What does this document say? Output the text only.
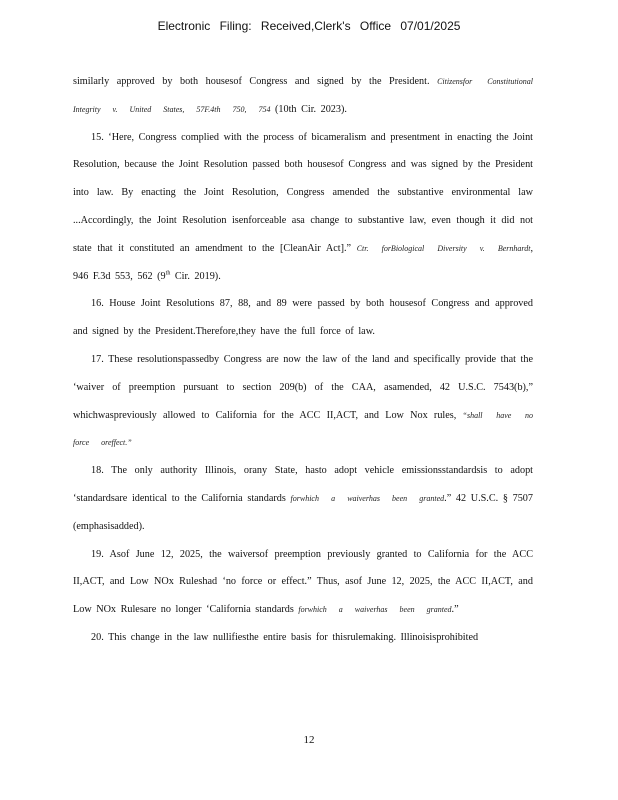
Electronic Filing: Received,Clerk's Office 07/01/2025

similarly approved by both housesof Congress and signed by the President. Citizensfor Constitutional Integrity v. United States, 57F.4th 750, 754 (10th Cir. 2023).

15. ‘Here, Congress complied with the process of bicameralism and presentment in enacting the Joint Resolution, because the Joint Resolution passed both housesof Congress and was signed by the President into law. By enacting the Joint Resolution, Congress amended the substantive environmental law ...Accordingly, the Joint Resolution isenforceable asa change to substantive law, even though it did not state that it constituted an amendment to the [CleanAir Act].” Ctr. forBiological Diversity v. Bernhardt, 946 F.3d 553, 562 (9th Cir. 2019).

16. House Joint Resolutions 87, 88, and 89 were passed by both housesof Congress and approved and signed by the President.Therefore,they have the full force of law.

17. These resolutionspassedby Congress are now the law of the land and specifically provide that the ‘waiver of preemption pursuant to section 209(b) of the CAA, asamended, 42 U.S.C. 7543(b),” whichwaspreviously allowed to California for the ACC II,ACT, and Low Nox rules, “shall have no force oreffect.”

18. The only authority Illinois, orany State, hasto adopt vehicle emissionsstandardsis to adopt ‘standardsare identical to the California standards forwhich a waiverhas been granted.” 42 U.S.C. § 7507 (emphasisadded).

19. Asof June 12, 2025, the waiversof preemption previously granted to California for the ACC II,ACT, and Low NOx Ruleshad ‘no force or effect.” Thus, asof June 12, 2025, the ACC II,ACT, and Low NOx Rulesare no longer ‘California standards forwhich a waiverhas been granted.”

20. This change in the law nullifiesthe entire basis for thisrulemaking. Illinoisisprohibited

12
